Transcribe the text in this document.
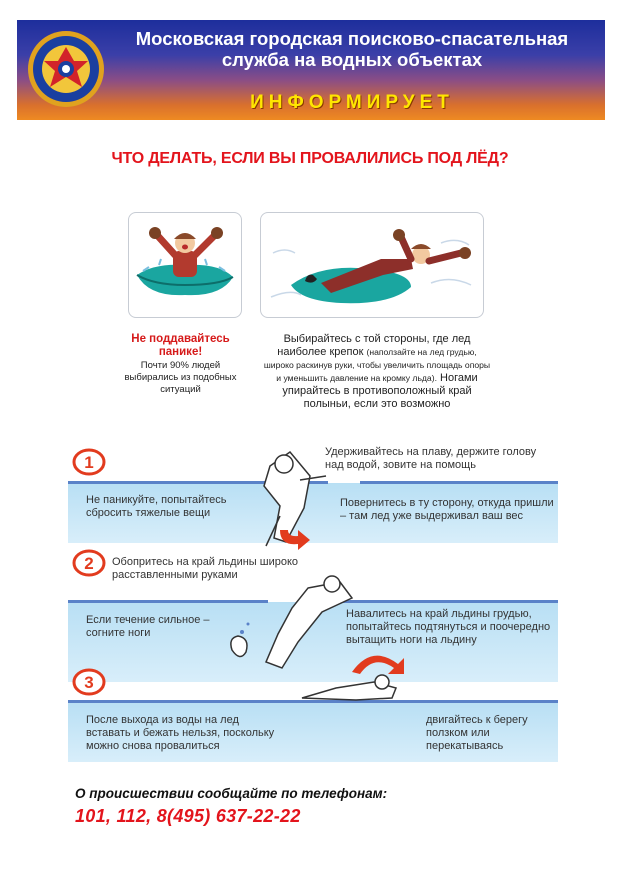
Московская городская поисково-спасательная
служба на водных объектах
ИНФОРМИРУЕТ
ЧТО ДЕЛАТЬ, ЕСЛИ ВЫ ПРОВАЛИЛИСЬ ПОД ЛЁД?
Не поддавайтесь панике!
Почти 90% людей выбирались из подобных ситуаций
Выбирайтесь с той стороны, где лед наиболее крепок (наползайте на лед грудью, широко раскинув руки, чтобы увеличить площадь опоры и уменьшить давление на кромку льда). Ногами упирайтесь в противоположный край полыньи, если это возможно
1
2
3
Удерживайтесь на плаву, держите голову над водой, зовите на помощь
Не паникуйте, попытайтесь сбросить тяжелые вещи
Повернитесь в ту сторону, откуда пришли – там лед уже выдерживал ваш вес
Обопритесь на край льдины широко расставленными руками
Если течение сильное – согните ноги
Навалитесь на край льдины грудью, попытайтесь подтянуться и поочередно вытащить ноги на льдину
После выхода из воды на лед вставать и бежать нельзя, поскольку можно снова провалиться
двигайтесь к берегу ползком или перекатываясь
О происшествии сообщайте по телефонам:
101, 112, 8(495) 637-22-22
